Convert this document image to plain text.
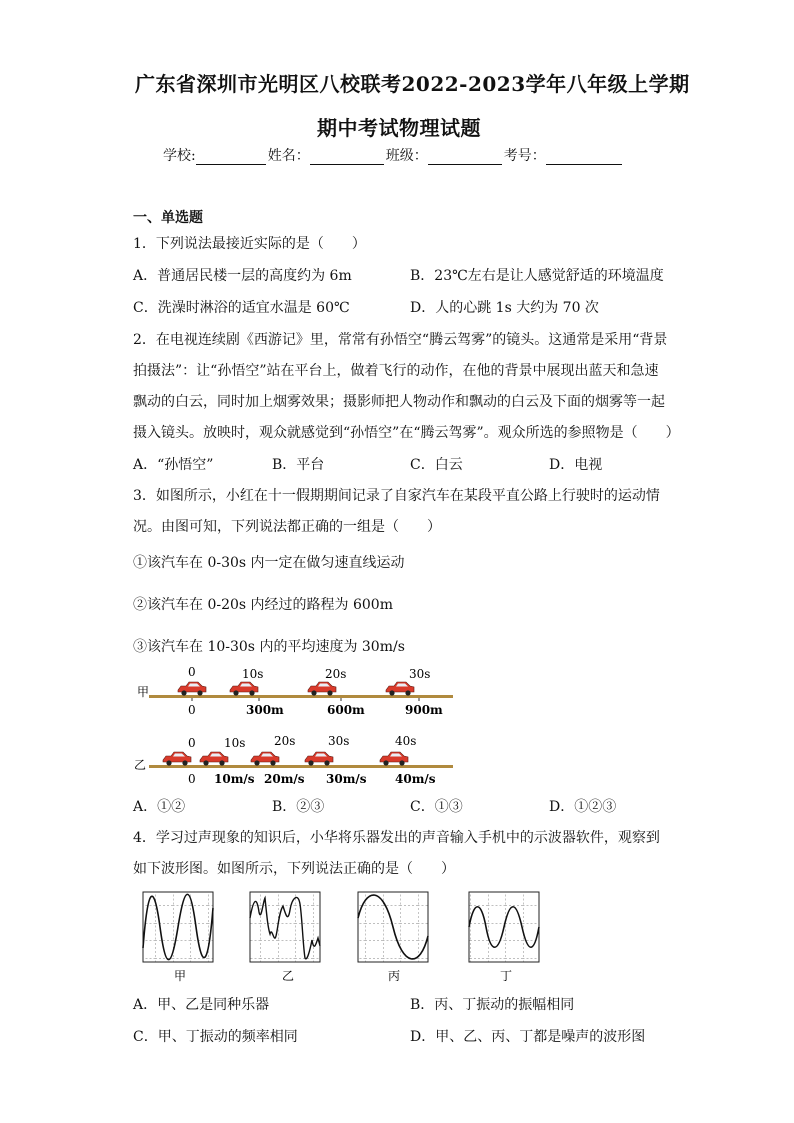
广东省深圳市光明区八校联考2022-2023学年八年级上学期
期中考试物理试题
学校:	姓名：	班级：	考号：
一、单选题
1．下列说法最接近实际的是（　　）
A．普通居民楼一层的高度约为 6m	B．23℃左右是让人感觉舒适的环境温度
C．洗澡时淋浴的适宜水温是 60℃	D．人的心跳 1s 大约为 70 次
2．在电视连续剧《西游记》里，常常有孙悟空“腾云驾雾”的镜头。这通常是采用“背景
拍摄法”：让“孙悟空”站在平台上，做着飞行的动作，在他的背景中展现出蓝天和急速
飘动的白云，同时加上烟雾效果；摄影师把人物动作和飘动的白云及下面的烟雾等一起
摄入镜头。放映时，观众就感觉到“孙悟空”在“腾云驾雾”。观众所选的参照物是（　　）
A．“孙悟空”	B．平台	C．白云	D．电视
3．如图所示，小红在十一假期期间记录了自家汽车在某段平直公路上行驶时的运动情
况。由图可知，下列说法都正确的一组是（　　）
①该汽车在 0-30s 内一定在做匀速直线运动
②该汽车在 0-20s 内经过的路程为 600m
③该汽车在 10-30s 内的平均速度为 30m/s
甲
0	10s	20s	30s
0	300m	600m	900m
乙
0 10s 20s	30s	40s
0 10m/s 20m/s 30m/s 40m/s
A．①②	B．②③	C．①③	D．①②③
4．学习过声现象的知识后，小华将乐器发出的声音输入手机中的示波器软件，观察到
如下波形图。如图所示，下列说法正确的是（　　）
甲	乙	丙	丁
A．甲、乙是同种乐器	B．丙、丁振动的振幅相同
C．甲、丁振动的频率相同	D．甲、乙、丙、丁都是噪声的波形图
